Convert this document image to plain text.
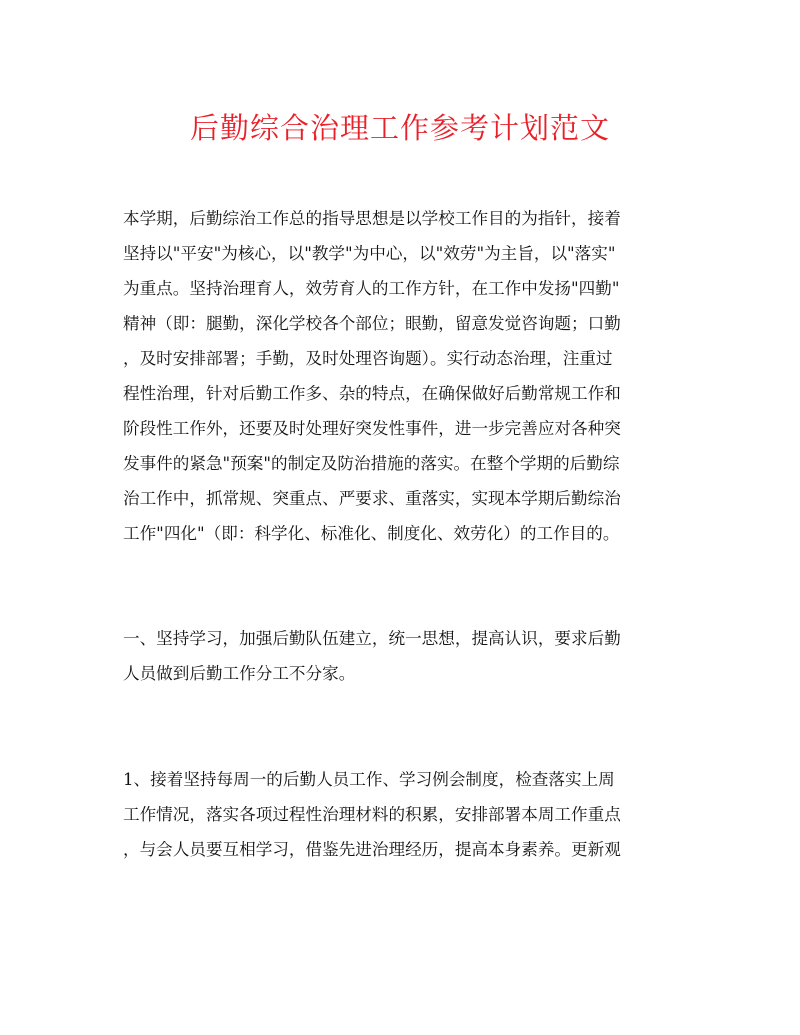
后勤综合治理工作参考计划范文
本学期，后勤综治工作总的指导思想是以学校工作目的为指针，接着
坚持以"平安"为核心，以"教学"为中心，以"效劳"为主旨，以"落实"
为重点。坚持治理育人，效劳育人的工作方针，在工作中发扬"四勤"
精神（即：腿勤，深化学校各个部位；眼勤，留意发觉咨询题；口勤
，及时安排部署；手勤，及时处理咨询题）。实行动态治理，注重过
程性治理，针对后勤工作多、杂的特点，在确保做好后勤常规工作和
阶段性工作外，还要及时处理好突发性事件，进一步完善应对各种突
发事件的紧急"预案"的制定及防治措施的落实。在整个学期的后勤综
治工作中，抓常规、突重点、严要求、重落实，实现本学期后勤综治
工作"四化"（即：科学化、标准化、制度化、效劳化）的工作目的。
一、坚持学习，加强后勤队伍建立，统一思想，提高认识，要求后勤
人员做到后勤工作分工不分家。
1、接着坚持每周一的后勤人员工作、学习例会制度，检查落实上周
工作情况，落实各项过程性治理材料的积累，安排部署本周工作重点
，与会人员要互相学习，借鉴先进治理经历，提高本身素养。更新观
